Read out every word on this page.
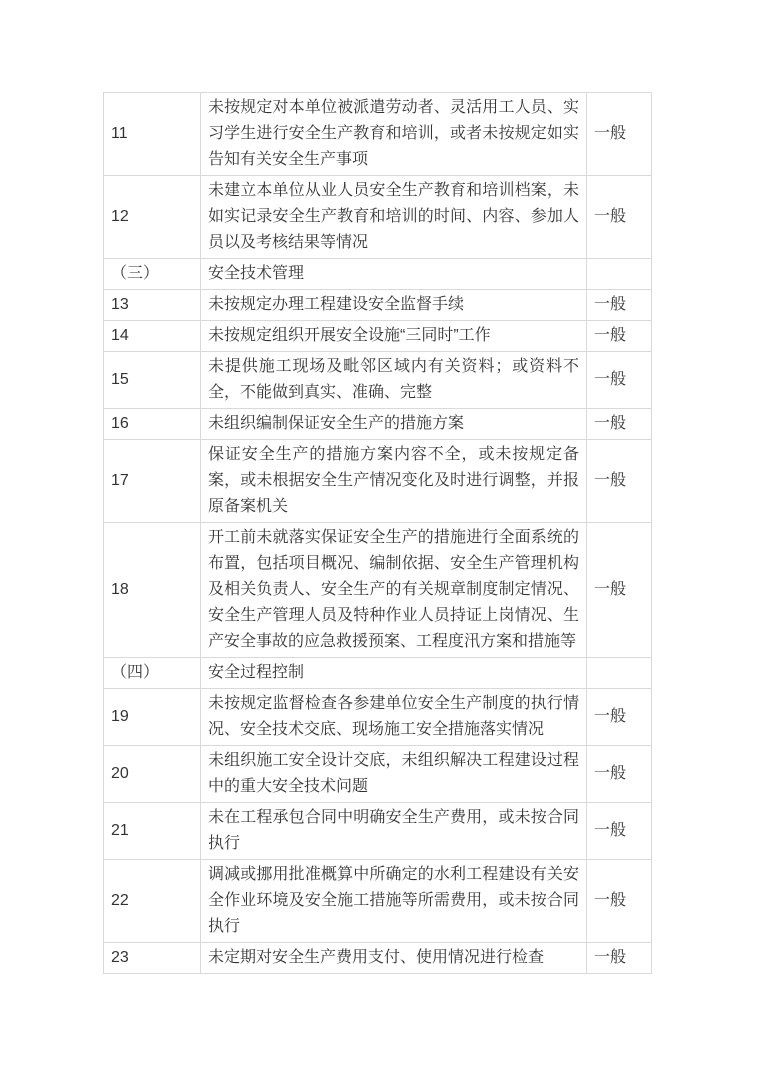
11	未按规定对本单位被派遣劳动者、灵活用工人员、实习学生进行安全生产教育和培训，或者未按规定如实告知有关安全生产事项	一般
12	未建立本单位从业人员安全生产教育和培训档案，未如实记录安全生产教育和培训的时间、内容、参加人员以及考核结果等情况	一般
（三）	安全技术管理	
13	未按规定办理工程建设安全监督手续	一般
14	未按规定组织开展安全设施“三同时”工作	一般
15	未提供施工现场及毗邻区域内有关资料；或资料不全，不能做到真实、准确、完整	一般
16	未组织编制保证安全生产的措施方案	一般
17	保证安全生产的措施方案内容不全，或未按规定备案，或未根据安全生产情况变化及时进行调整，并报原备案机关	一般
18	开工前未就落实保证安全生产的措施进行全面系统的布置，包括项目概况、编制依据、安全生产管理机构及相关负责人、安全生产的有关规章制度制定情况、安全生产管理人员及特种作业人员持证上岗情况、生产安全事故的应急救援预案、工程度汛方案和措施等	一般
（四）	安全过程控制	
19	未按规定监督检查各参建单位安全生产制度的执行情况、安全技术交底、现场施工安全措施落实情况	一般
20	未组织施工安全设计交底，未组织解决工程建设过程中的重大安全技术问题	一般
21	未在工程承包合同中明确安全生产费用，或未按合同执行	一般
22	调减或挪用批准概算中所确定的水利工程建设有关安全作业环境及安全施工措施等所需费用，或未按合同执行	一般
23	未定期对安全生产费用支付、使用情况进行检查	一般
